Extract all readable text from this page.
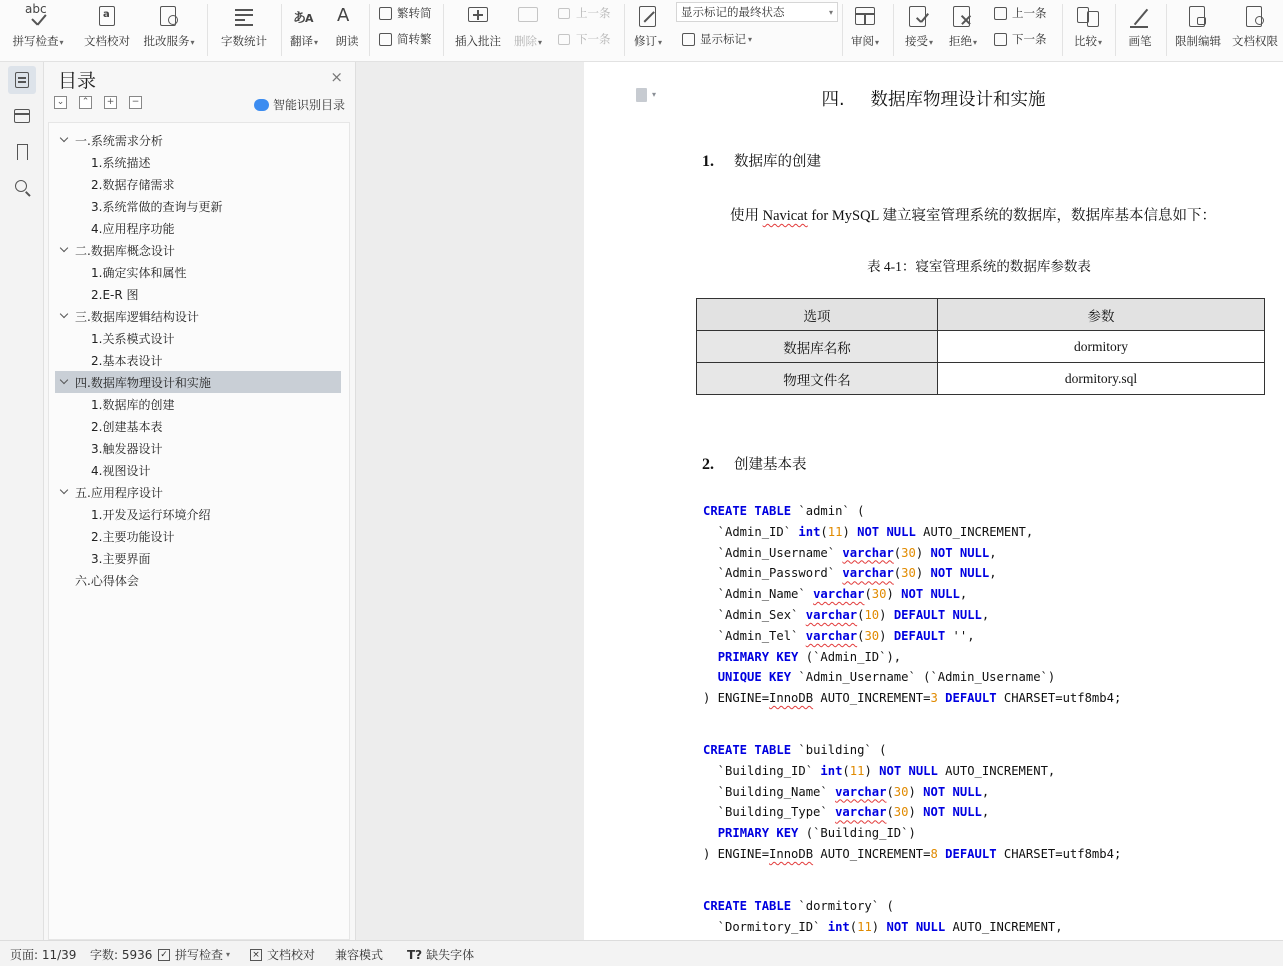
abc
拼写检查▾
a
文档校对 批改服务▾ 字数统计
あ
A
翻译▾
A
朗读
繁转简
简转繁 插入批注 删除▾
上一条
下一条 修订▾
显示标记的最终状态	▾
显示标记 ▾	审阅▾ 接受▾ 拒绝▾
上一条
下一条 比较▾ 画笔 限制编辑 文档权限
目录	×
⌄	⌃	+	−	智能识别目录
一.系统需求分析
1.系统描述
2.数据存储需求
3.系统常做的查询与更新
4.应用程序功能
二.数据库概念设计
1.确定实体和属性
2.E-R 图
三.数据库逻辑结构设计
1.关系模式设计
2.基本表设计
四.数据库物理设计和实施
1.数据库的创建
2.创建基本表
3.触发器设计
4.视图设计
五.应用程序设计
1.开发及运行环境介绍
2.主要功能设计
3.主要界面
六.心得体会
▾	四. 数据库物理设计和实施
1. 数据库的创建
使用 Navicat for MySQL 建立寝室管理系统的数据库，数据库基本信息如下：
表 4-1：寝室管理系统的数据库参数表
选项	参数
数据库名称	dormitory
物理文件名	dormitory.sql
2. 创建基本表
CREATE TABLE `admin` (
`Admin_ID` int(11) NOT NULL AUTO_INCREMENT,
`Admin_Username` varchar(30) NOT NULL,
`Admin_Password` varchar(30) NOT NULL,
`Admin_Name` varchar(30) NOT NULL,
`Admin_Sex` varchar(10) DEFAULT NULL,
`Admin_Tel` varchar(30) DEFAULT '',
PRIMARY KEY (`Admin_ID`),
UNIQUE KEY `Admin_Username` (`Admin_Username`)
) ENGINE=InnoDB AUTO_INCREMENT=3 DEFAULT CHARSET=utf8mb4;
CREATE TABLE `building` (
`Building_ID` int(11) NOT NULL AUTO_INCREMENT,
`Building_Name` varchar(30) NOT NULL,
`Building_Type` varchar(30) NOT NULL,
PRIMARY KEY (`Building_ID`)
) ENGINE=InnoDB AUTO_INCREMENT=8 DEFAULT CHARSET=utf8mb4;
CREATE TABLE `dormitory` (
`Dormitory_ID` int(11) NOT NULL AUTO_INCREMENT,
页面: 11/39 字数: 5936 ✓ 拼写检查 ▾ × 文档校对 兼容模式 T? 缺失字体
